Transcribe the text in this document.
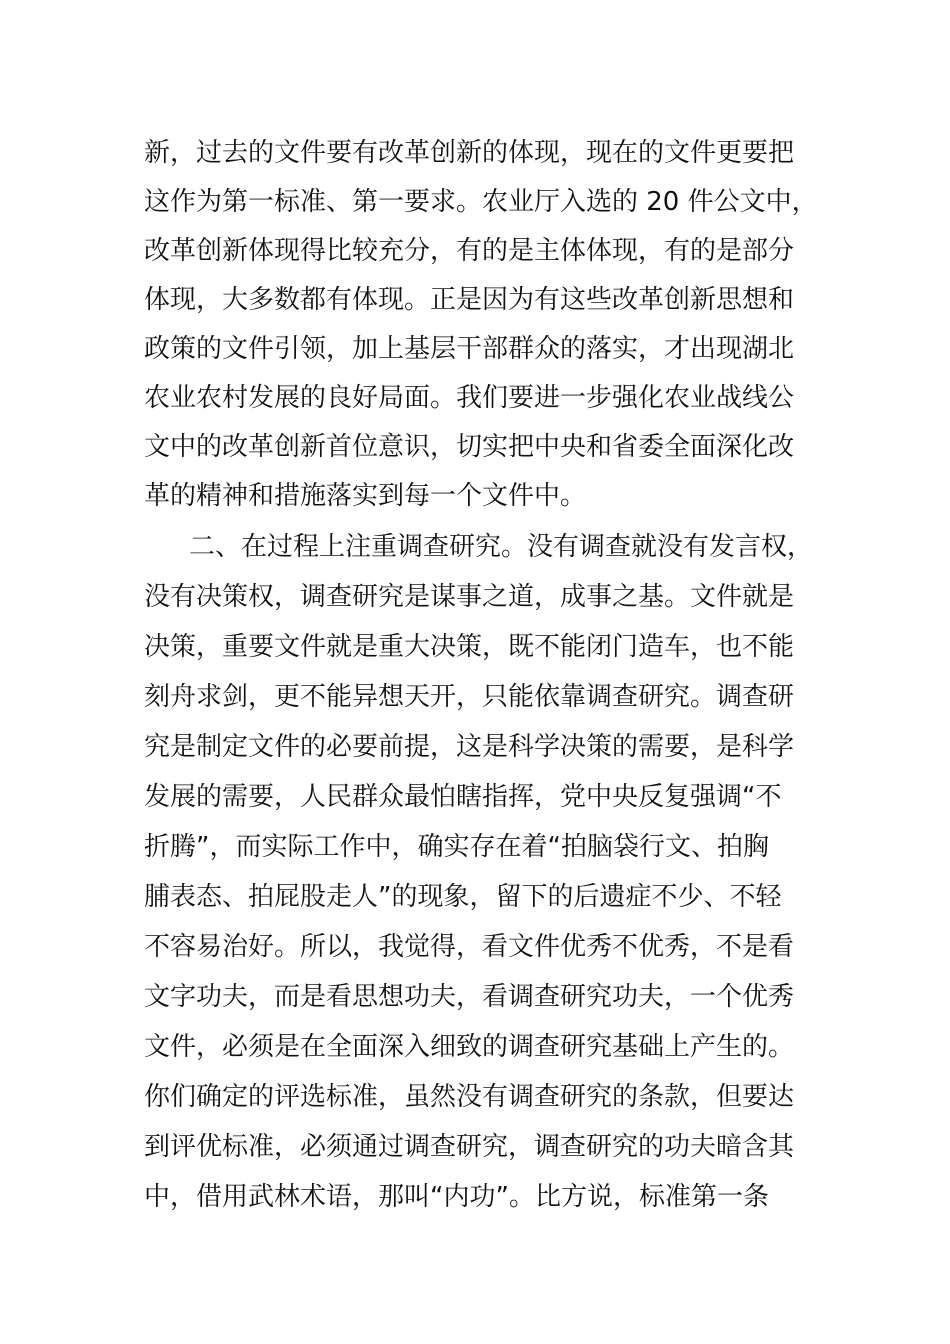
新，过去的文件要有改革创新的体现，现在的文件更要把
这作为第一标准、第一要求。农业厅入选的 20 件公文中，
改革创新体现得比较充分，有的是主体体现，有的是部分
体现，大多数都有体现。正是因为有这些改革创新思想和
政策的文件引领，加上基层干部群众的落实，才出现湖北
农业农村发展的良好局面。我们要进一步强化农业战线公
文中的改革创新首位意识，切实把中央和省委全面深化改
革的精神和措施落实到每一个文件中。
二、在过程上注重调查研究。没有调查就没有发言权，
没有决策权，调查研究是谋事之道，成事之基。文件就是
决策，重要文件就是重大决策，既不能闭门造车，也不能
刻舟求剑，更不能异想天开，只能依靠调查研究。调查研
究是制定文件的必要前提，这是科学决策的需要，是科学
发展的需要，人民群众最怕瞎指挥，党中央反复强调“不
折腾”，而实际工作中，确实存在着“拍脑袋行文、拍胸
脯表态、拍屁股走人”的现象，留下的后遗症不少、不轻
不容易治好。所以，我觉得，看文件优秀不优秀，不是看
文字功夫，而是看思想功夫，看调查研究功夫，一个优秀
文件，必须是在全面深入细致的调查研究基础上产生的。
你们确定的评选标准，虽然没有调查研究的条款，但要达
到评优标准，必须通过调查研究，调查研究的功夫暗含其
中，借用武林术语，那叫“内功”。比方说，标准第一条
